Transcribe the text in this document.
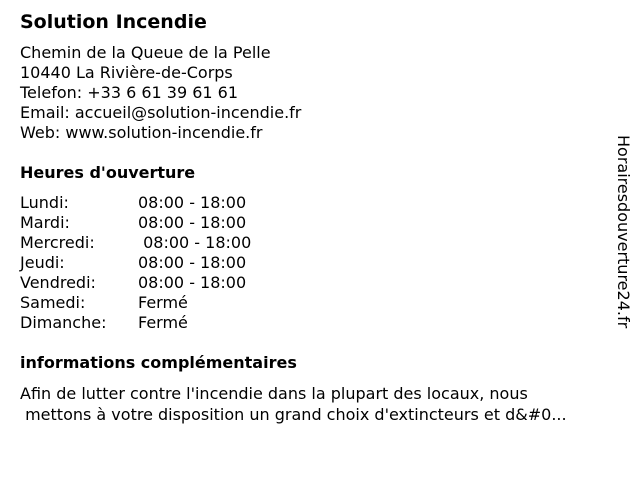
Solution Incendie
Chemin de la Queue de la Pelle
10440 La Rivière-de-Corps
Telefon: +33 6 61 39 61 61
Email: accueil@solution-incendie.fr
Web: www.solution-incendie.fr
Heures d'ouverture
Lundi:	08:00 - 18:00
Mardi:	08:00 - 18:00
Mercredi:	08:00 - 18:00
Jeudi:	08:00 - 18:00
Vendredi:	08:00 - 18:00
Samedi:	Fermé
Dimanche:	Fermé
informations complémentaires
Afin de lutter contre l'incendie dans la plupart des locaux, nous
mettons à votre disposition un grand choix d'extincteurs et d&#0...
Horairesdouverture24.fr
